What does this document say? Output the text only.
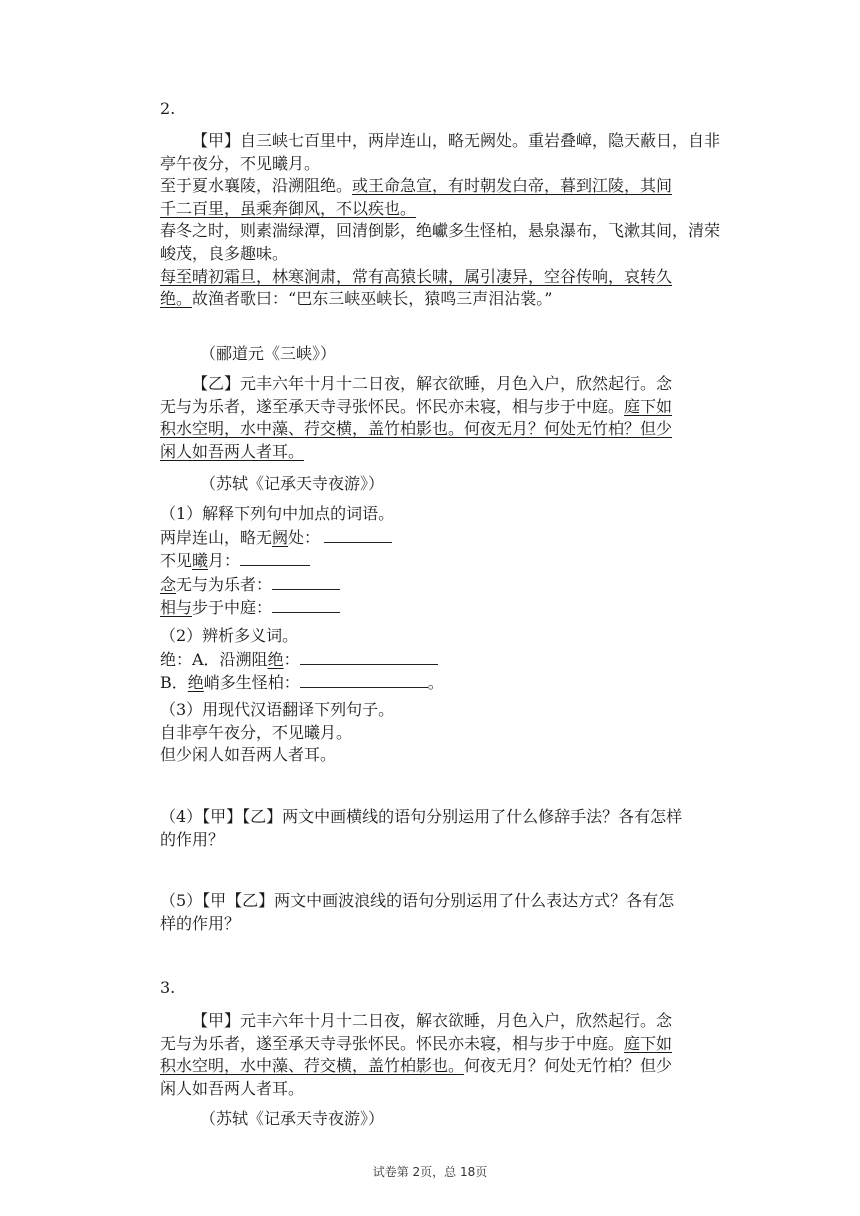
2.
【甲】自三峡七百里中，两岸连山，略无阙处。重岩叠嶂，隐天蔽日，自非亭午夜分，不见曦月。
至于夏水襄陵，沿溯阻绝。或王命急宣，有时朝发白帝，暮到江陵，其间
千二百里，虽乘奔御风，不以疾也。
春冬之时，则素湍绿潭，回清倒影，绝巘多生怪柏，悬泉瀑布，飞漱其间，清荣峻茂，良多趣味。
每至晴初霜旦，林寒涧肃，常有高猿长啸，属引凄异，空谷传响，哀转久
绝。故渔者歌曰：“巴东三峡巫峡长，猿鸣三声泪沾裳。”
（郦道元《三峡》）
【乙】元丰六年十月十二日夜，解衣欲睡，月色入户，欣然起行。念
无与为乐者，遂至承天寺寻张怀民。怀民亦未寝，相与步于中庭。庭下如
积水空明，水中藻、荇交横，盖竹柏影也。何夜无月？何处无竹柏？但少
闲人如吾两人者耳。
（苏轼《记承天寺夜游》）
（1）解释下列句中加点的词语。
两岸连山，略无阙处：
不见曦月：
念无与为乐者：
相与步于中庭：
（2）辨析多义词。
绝：A．沿溯阻绝：
B．绝峭多生怪柏：	。
（3）用现代汉语翻译下列句子。
自非亭午夜分，不见曦月。
但少闲人如吾两人者耳。
（4）【甲】【乙】两文中画横线的语句分别运用了什么修辞手法？各有怎样
的作用？
（5）【甲【乙】两文中画波浪线的语句分别运用了什么表达方式？各有怎
样的作用？
3.
【甲】元丰六年十月十二日夜，解衣欲睡，月色入户，欣然起行。念
无与为乐者，遂至承天寺寻张怀民。怀民亦未寝，相与步于中庭。庭下如
积水空明，水中藻、荇交横，盖竹柏影也。何夜无月？何处无竹柏？但少
闲人如吾两人者耳。
（苏轼《记承天寺夜游》）
试卷第 2页，总 18页
